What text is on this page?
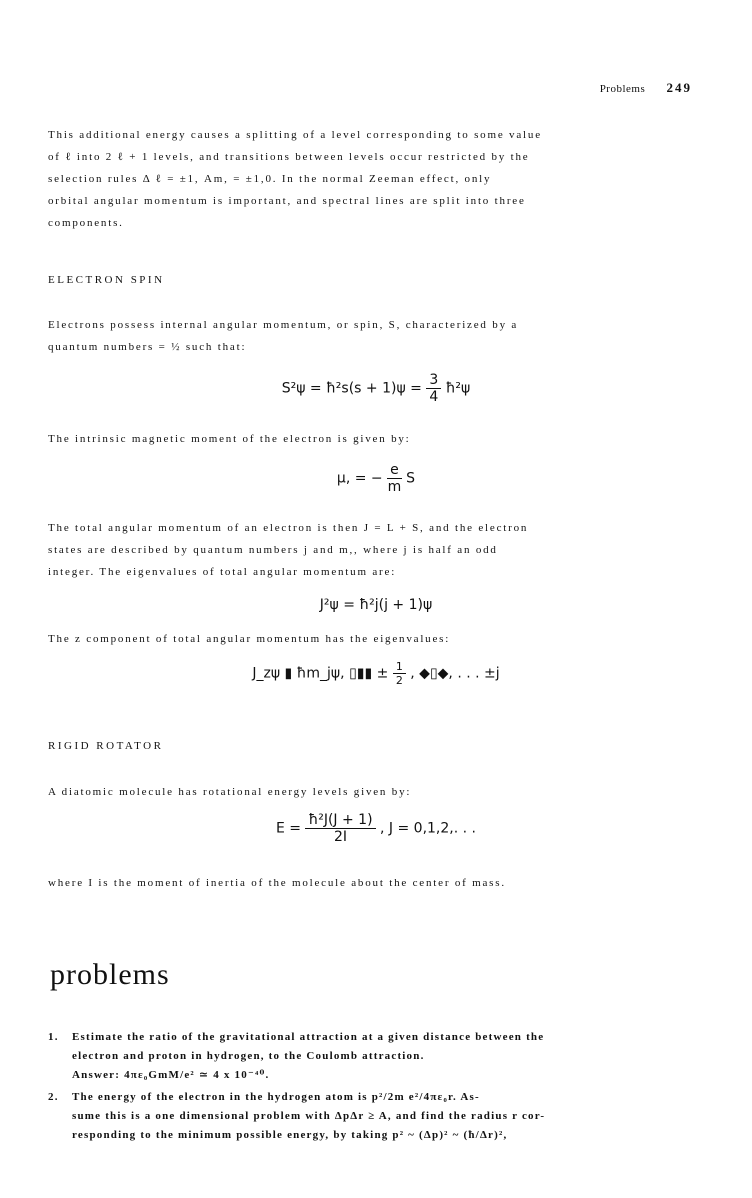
Problems 249
This additional energy causes a splitting of a level corresponding to some value
of ℓ into 2 ℓ + 1 levels, and transitions between levels occur restricted by the
selection rules Δ ℓ = ±1, Am, = ±1,0. In the normal Zeeman effect, only
orbital angular momentum is important, and spectral lines are split into three
components.
ELECTRON SPIN
Electrons possess internal angular momentum, or spin, S, characterized by a
quantum numbers = ½ such that:
S²ψ = ħ²s(s + $1)\psi = \frac{3}{4}$ ħ²ψ
The intrinsic magnetic moment of the electron is given by:
μ, = − $\frac{e}{m}$ S
The total angular momentum of an electron is then J = L + S, and the electron
states are described by quantum numbers j and m,, where j is half an odd
integer. The eigenvalues of total angular momentum are:
J²ψ = ħ²j(j + 1)ψ
The z component of total angular momentum has the eigenvalues:
J_zψ ▮ ħm_jψ, ▯▮▮ ± $\frac{1}{2}$ , ◆▯◆, . . . ±j
RIGID ROTATOR
A diatomic molecule has rotational energy levels given by:
$E = \frac{\text{ħ²J(J + 1)}}{2I}$ , J = 0,1,2,. . .
where I is the moment of inertia of the molecule about the center of mass.
problems
1. Estimate the ratio of the gravitational attraction at a given distance between the
electron and proton in hydrogen, to the Coulomb attraction.
Answer: 4πε₀GmM/e² ≃ 4 x 10⁻⁴⁰.
2. The energy of the electron in the hydrogen atom is p²/2m e²/4πε₀r. As-
sume this is a one dimensional problem with ΔpΔr ≥ A, and find the radius r cor-
responding to the minimum possible energy, by taking p² ~ (Δp)² ~ (ħ/Δr)²,
